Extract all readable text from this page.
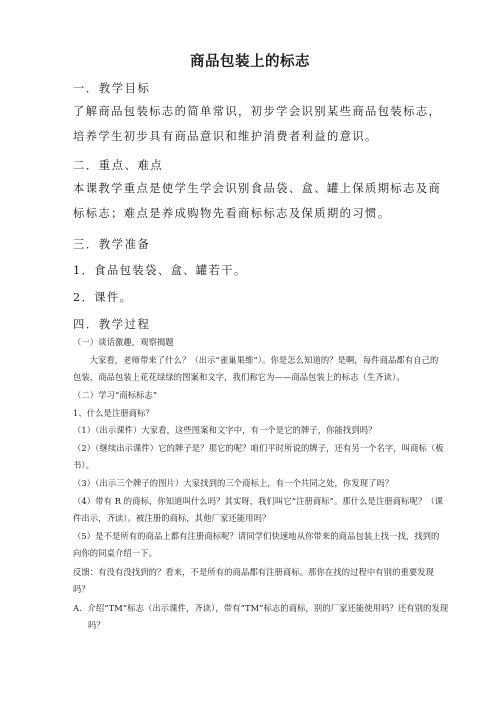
商品包装上的标志
一．教学目标
了解商品包装标志的简单常识，初步学会识别某些商品包装标志，培养学生初步具有商品意识和维护消费者利益的意识。
二．重点、难点
本课教学重点是使学生学会识别食品袋、盒、罐上保质期标志及商标标志；难点是养成购物先看商标标志及保质期的习惯。
三．教学准备
1．食品包装袋、盒、罐若干。
2．课件。
四．教学过程
（一）谈话激趣，观察揭题
大家看，老师带来了什么？（出示“雀巢果维”）。你是怎么知道的？是啊，每件商品都有自己的包装，商品包装上花花绿绿的图案和文字，我们称它为——商品包装上的标志（生齐读）。
（二）学习“商标标志”
1、什么是注册商标？
（1）（出示课件）大家看，这些图案和文字中，有一个是它的牌子，你能找到吗？
（2）（继续出示课件）它的牌子是？那它的呢？咱们平时所说的牌子，还有另一个名字，叫商标（板书）。
（3）（出示三个牌子的图片）大家找到的三个商标上，有一个共同之处，你发现了吗？
（4）带有 R 的商标，你知道叫什么吗？其实呀，我们叫它“注册商标”。那什么是注册商标呢？（课件出示，齐读）。被注册的商标，其他厂家还能用吗？
（5）是不是所有的商品上都有注册商标呢？请同学们快速地从你带来的商品包装上找一找，找到的向你的同桌介绍一下。
反馈：有没有没找到的？看来，不是所有的商品都有注册商标。那你在找的过程中有别的重要发现吗？
A．介绍“TM”标志（出示课件，齐读），带有“TM”标志的商标，别的厂家还能使用吗？还有别的发现吗？
